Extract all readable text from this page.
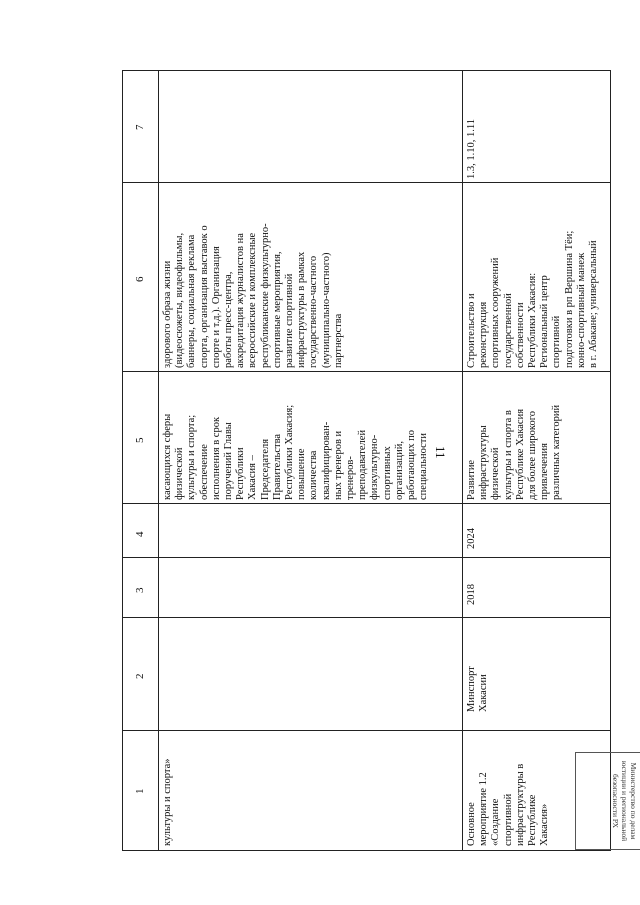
11
1
2
3
4
5
6
7
культуры и спорта»
касающихся сферы
физической
культуры и спорта;
обеспечение
исполнения в срок
поручений Главы
Республики
Хакасия –
Председателя
Правительства
Республики Хакасия;
повышение
количества
квалифицирован-
ных тренеров и
тренеров-
преподавателей
физкультурно-
спортивных
организаций,
работающих по
специальности
здорового образа жизни
(видеосюжеты, видеофильмы,
баннеры, социальная реклама
спорта, организация выставок о
спорте и т.д.). Организация
работы пресс-центра,
аккредитация журналистов на
всероссийские и комплексные
республиканские физкультурно-
спортивные мероприятия,
развитие спортивной
инфраструктуры в рамках
государственно-частного
(муниципально-частного)
партнерства
Основное
мероприятие 1.2
«Создание
спортивной
инфраструктуры в
Республике
Хакасия»
Минспорт
Хакасии
2018
2024
Развитие
инфраструктуры
физической
культуры и спорта в
Республике Хакасия
для более широкого
привлечения
различных категорий
Строительство и реконструкция
спортивных сооружений
государственной собственности
Республики Хакасия:
Региональный центр спортивной
подготовки в рп Вершина Тёи;
конно-спортивный манеж
в г. Абакане; универсальный
1.3, 1.10, 1.11
Министерство по делам
юстиции и региональной
безопасности РХ
